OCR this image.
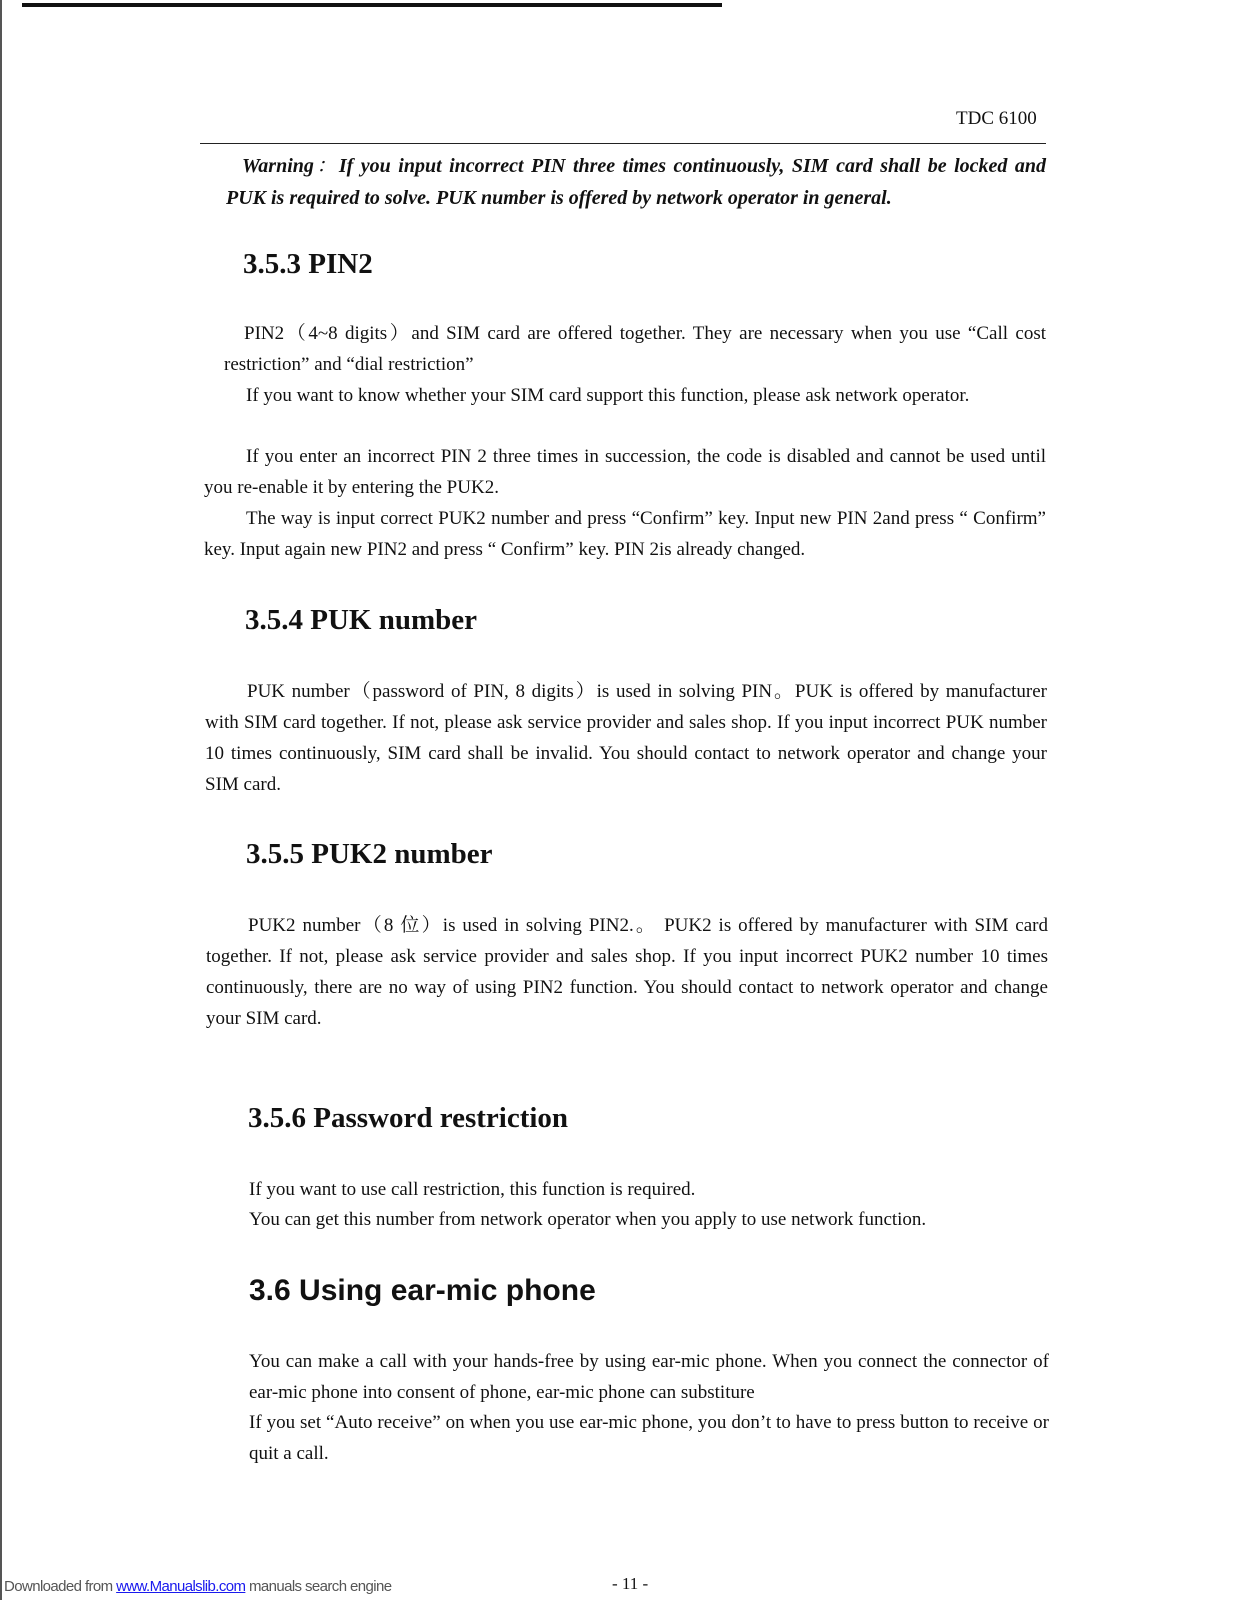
TDC 6100
Warning：If you input incorrect PIN three times continuously, SIM card shall be locked and PUK is required to solve. PUK number is offered by network operator in general.
3.5.3 PIN2
PIN2（4~8 digits）and SIM card are offered together. They are necessary when you use “Call cost restriction” and “dial restriction”
If you want to know whether your SIM card support this function, please ask network operator.
If you enter an incorrect PIN 2 three times in succession, the code is disabled and cannot be used until you re-enable it by entering the PUK2.
The way is input correct PUK2 number and press “Confirm” key. Input new PIN 2and press “ Confirm” key. Input again new PIN2 and press “ Confirm” key. PIN 2is already changed.
3.5.4 PUK number
PUK number（password of PIN, 8 digits）is used in solving PIN。PUK is offered by manufacturer with SIM card together. If not, please ask service provider and sales shop. If you input incorrect PUK number 10 times continuously, SIM card shall be invalid. You should contact to network operator and change your SIM card.
3.5.5 PUK2 number
PUK2 number（8 位）is used in solving PIN2.。 PUK2 is offered by manufacturer with SIM card together. If not, please ask service provider and sales shop. If you input incorrect PUK2 number 10 times continuously, there are no way of using PIN2 function. You should contact to network operator and change your SIM card.
3.5.6 Password restriction
If you want to use call restriction, this function is required.
You can get this number from network operator when you apply to use network function.
3.6 Using ear-mic phone
You can make a call with your hands-free by using ear-mic phone. When you connect the connector of ear-mic phone into consent of phone, ear-mic phone can substiture
If you set “Auto receive” on when you use ear-mic phone, you don’t to have to press button to receive or quit a call.
Downloaded from www.Manualslib.com manuals search engine	- 11 -
